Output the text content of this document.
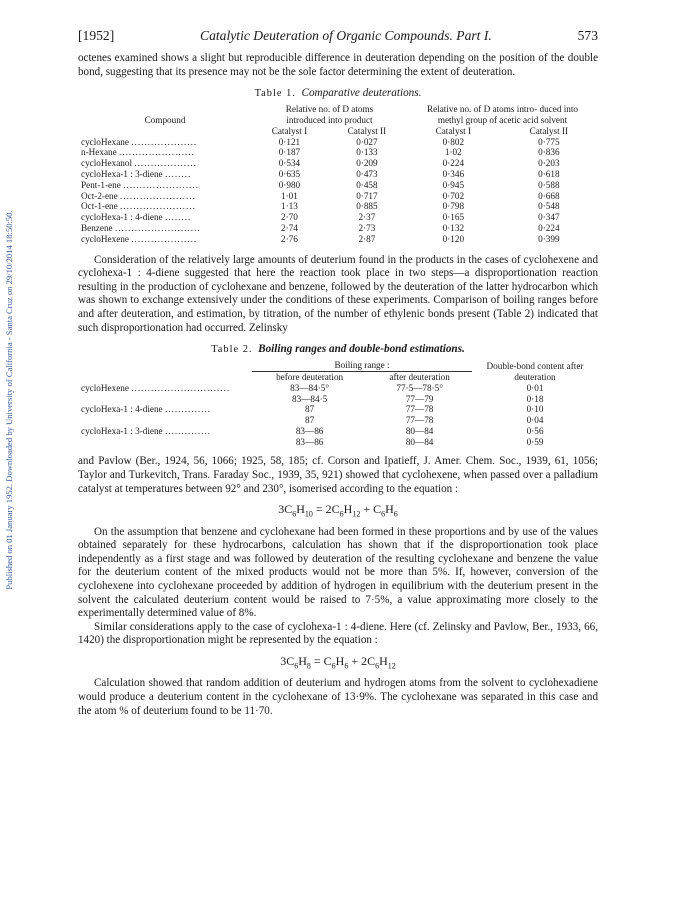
Published on 01 January 1952. Downloaded by University of California - Santa Cruz on 29/10/2014 18:50:50.
[1952]	Catalytic Deuteration of Organic Compounds. Part I.	573

octenes examined shows a slight but reproducible difference in deuteration depending on the position of the double bond, suggesting that its presence may not be the sole factor determining the extent of deuteration.

Table 1. Comparative deuterations.
Compound	Relative no. of D atoms introduced into product		Relative no. of D atoms intro- duced into methyl group of acetic acid solvent	
	Catalyst I	Catalyst II	Catalyst I	Catalyst II
cycloHexane ....................	0·121	0·027	0·802	0·775
n-Hexane .......................	0·187	0·133	1·02	0·836
cycloHexanol ...................	0·534	0·209	0·224	0·203
cycloHexa-1 : 3-diene ........	0·635	0·473	0·346	0·618
Pent-1-ene .......................	0·980	0·458	0·945	0·588
Oct-2-ene .......................	1·01	0·717	0·702	0·668
Oct-1-ene .......................	1·13	0·885	0·798	0·548
cycloHexa-1 : 4-diene ........	2·70	2·37	0·165	0·347
Benzene ..........................	2·74	2·73	0·132	0·224
cycloHexene ....................	2·76	2·87	0·120	0·399

Consideration of the relatively large amounts of deuterium found in the products in the cases of cyclohexene and cyclohexa-1 : 4-diene suggested that here the reaction took place in two steps—a disproportionation reaction resulting in the production of cyclohexane and benzene, followed by the deuteration of the latter hydrocarbon which was shown to exchange extensively under the conditions of these experiments. Comparison of boiling ranges before and after deuteration, and estimation, by titration, of the number of ethylenic bonds present (Table 2) indicated that such disproportionation had occurred. Zelinsky

Table 2. Boiling ranges and double-bond estimations.
	Boiling range :		Double-bond content after deuteration
	before deuteration	after deuteration	
cycloHexene ..............................	83—84·5°	77·5—78·5°	0·01
	83—84·5	77—79	0·18
cycloHexa-1 : 4-diene ..............	87	77—78	0·10
	87	77—78	0·04
cycloHexa-1 : 3-diene ..............	83—86	80—84	0·56
	83—86	80—84	0·59

and Pavlow (Ber., 1924, 56, 1066; 1925, 58, 185; cf. Corson and Ipatieff, J. Amer. Chem. Soc., 1939, 61, 1056; Taylor and Turkevitch, Trans. Faraday Soc., 1939, 35, 921) showed that cyclohexene, when passed over a palladium catalyst at temperatures between 92° and 230°, isomerised according to the equation :

$3C_6H_{10} = 2C_6H_{12} + C_6H_6$

On the assumption that benzene and cyclohexane had been formed in these proportions and by use of the values obtained separately for these hydrocarbons, calculation has shown that if the disproportionation took place independently as a first stage and was followed by deuteration of the resulting cyclohexane and benzene the value for the deuterium content of the mixed products would not be more than 5%. If, however, conversion of the cyclohexene into cyclohexane proceeded by addition of hydrogen in equilibrium with the deuterium present in the solvent the calculated deuterium content would be raised to 7·5%, a value approximating more closely to the experimentally determined value of 8%.

Similar considerations apply to the case of cyclohexa-1 : 4-diene. Here (cf. Zelinsky and Pavlow, Ber., 1933, 66, 1420) the disproportionation might be represented by the equation :

$3C_6H_8 = C_6H_6 + 2C_6H_{12}$

Calculation showed that random addition of deuterium and hydrogen atoms from the solvent to cyclohexadiene would produce a deuterium content in the cyclohexane of 13·9%. The cyclohexane was separated in this case and the atom % of deuterium found to be 11·70.
